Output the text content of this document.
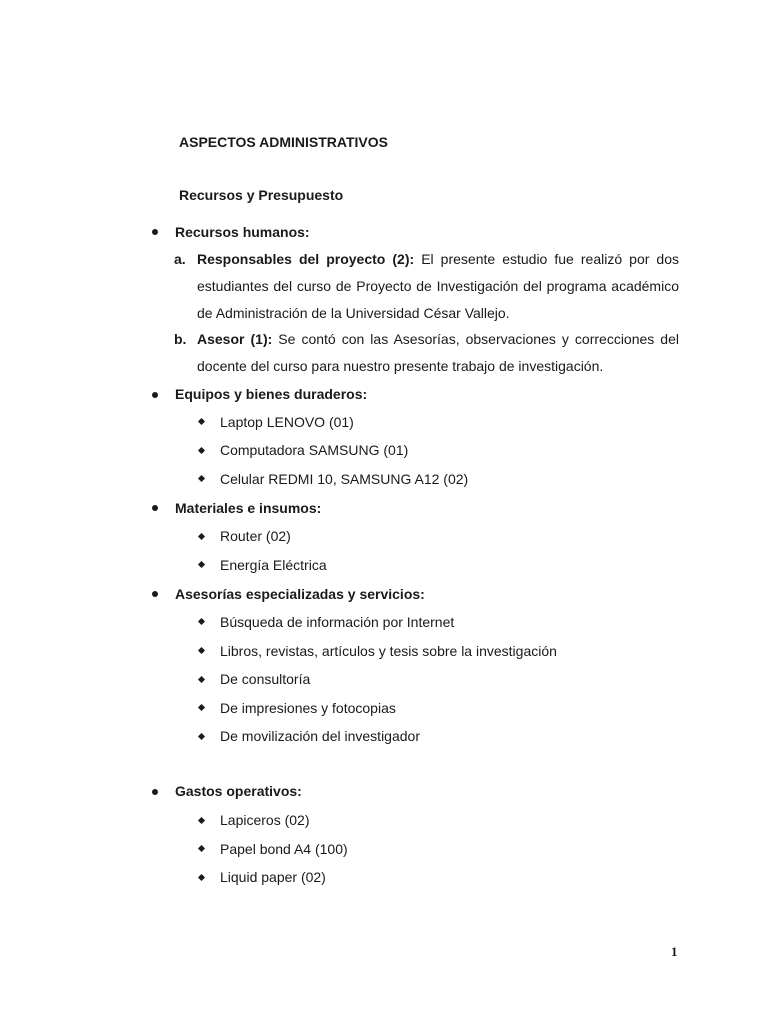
ASPECTOS ADMINISTRATIVOS
Recursos y Presupuesto
Recursos humanos:
a. Responsables del proyecto (2): El presente estudio fue realizó por dos estudiantes del curso de Proyecto de Investigación del programa académico de Administración de la Universidad César Vallejo.
b. Asesor (1): Se contó con las Asesorías, observaciones y correcciones del docente del curso para nuestro presente trabajo de investigación.
Equipos y bienes duraderos:
Laptop LENOVO (01)
Computadora SAMSUNG (01)
Celular REDMI 10, SAMSUNG A12 (02)
Materiales e insumos:
Router (02)
Energía Eléctrica
Asesorías especializadas y servicios:
Búsqueda de información por Internet
Libros, revistas, artículos y tesis sobre la investigación
De consultoría
De impresiones y fotocopias
De movilización del investigador
Gastos operativos:
Lapiceros (02)
Papel bond A4 (100)
Liquid paper (02)
1
